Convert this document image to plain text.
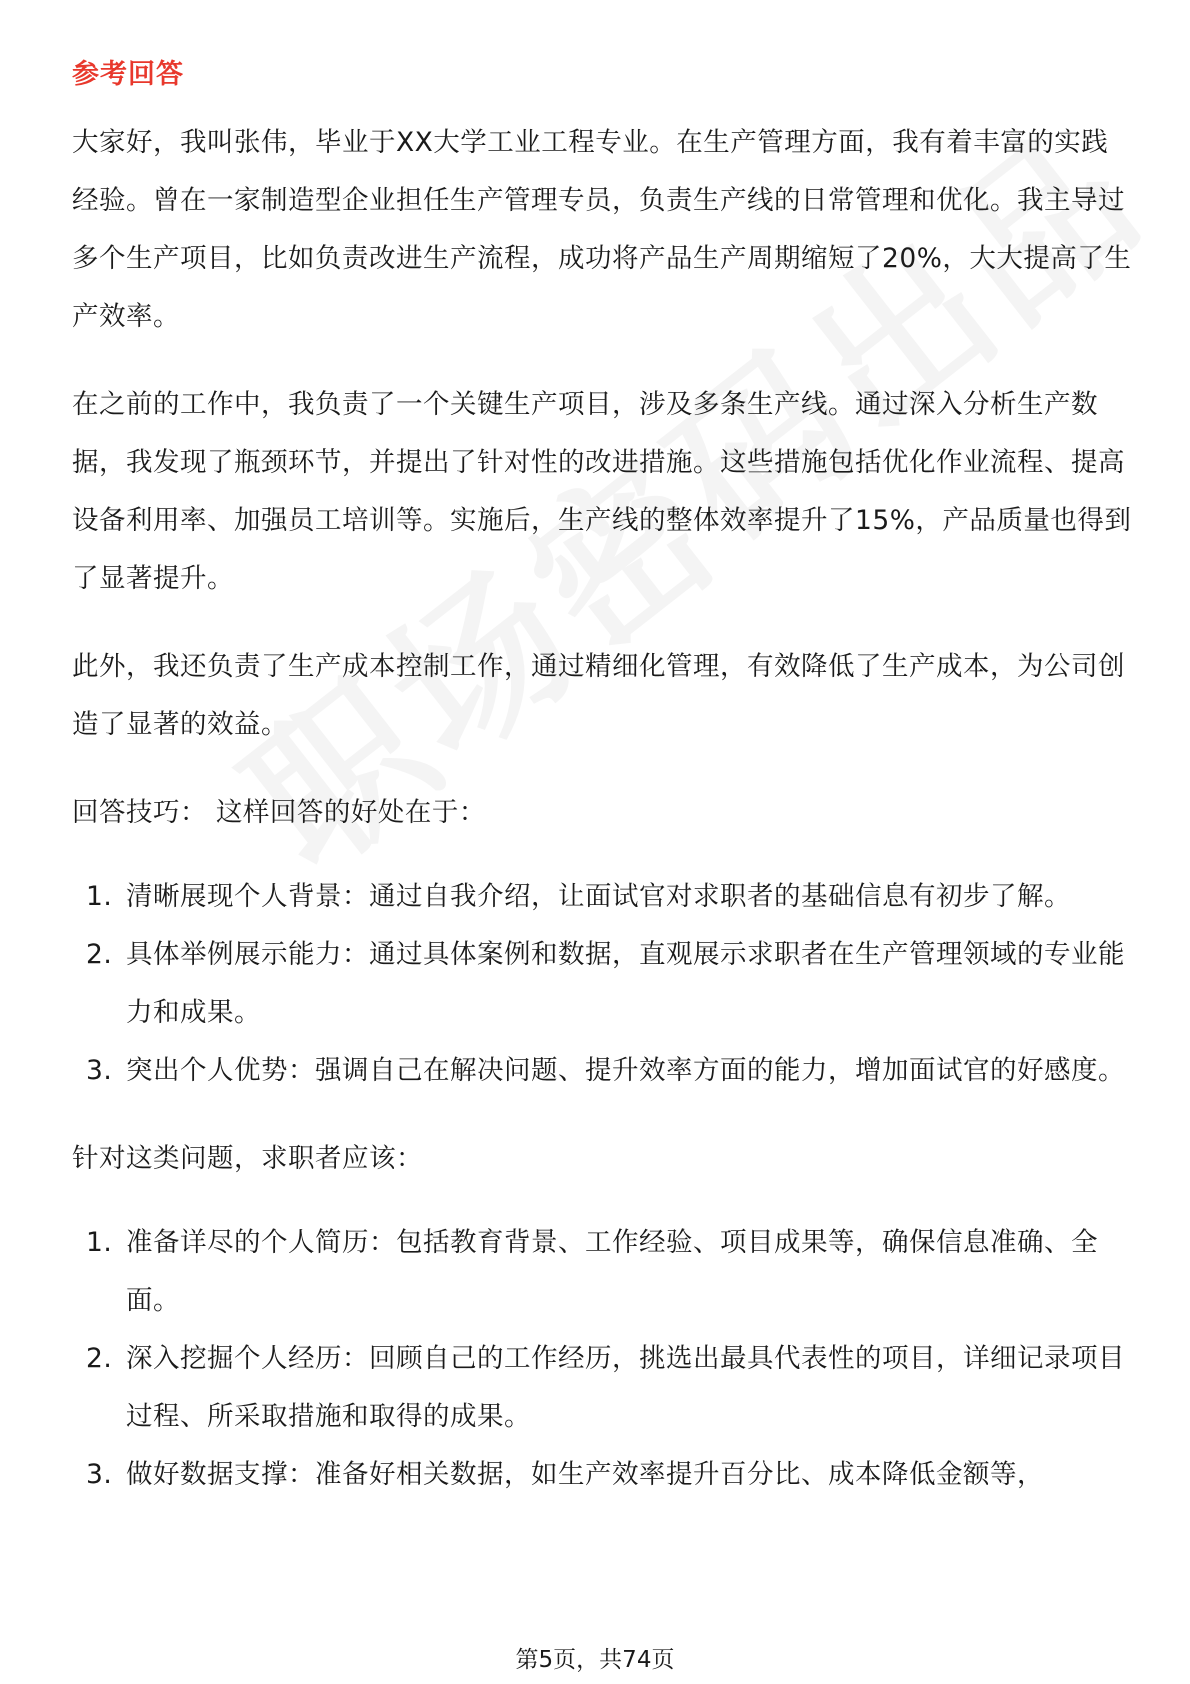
参考回答

大家好，我叫张伟，毕业于XX大学工业工程专业。在生产管理方面，我有着丰富的实践经验。曾在一家制造型企业担任生产管理专员，负责生产线的日常管理和优化。我主导过多个生产项目，比如负责改进生产流程，成功将产品生产周期缩短了20%，大大提高了生产效率。

在之前的工作中，我负责了一个关键生产项目，涉及多条生产线。通过深入分析生产数据，我发现了瓶颈环节，并提出了针对性的改进措施。这些措施包括优化作业流程、提高设备利用率、加强员工培训等。实施后，生产线的整体效率提升了15%，产品质量也得到了显著提升。

此外，我还负责了生产成本控制工作，通过精细化管理，有效降低了生产成本，为公司创造了显著的效益。

回答技巧： 这样回答的好处在于：

1. 清晰展现个人背景：通过自我介绍，让面试官对求职者的基础信息有初步了解。
2. 具体举例展示能力：通过具体案例和数据，直观展示求职者在生产管理领域的专业能力和成果。
3. 突出个人优势：强调自己在解决问题、提升效率方面的能力，增加面试官的好感度。

针对这类问题，求职者应该：

1. 准备详尽的个人简历：包括教育背景、工作经验、项目成果等，确保信息准确、全面。
2. 深入挖掘个人经历：回顾自己的工作经历，挑选出最具代表性的项目，详细记录项目过程、所采取措施和取得的成果。
3. 做好数据支撑：准备好相关数据，如生产效率提升百分比、成本降低金额等，
第5页，共74页
